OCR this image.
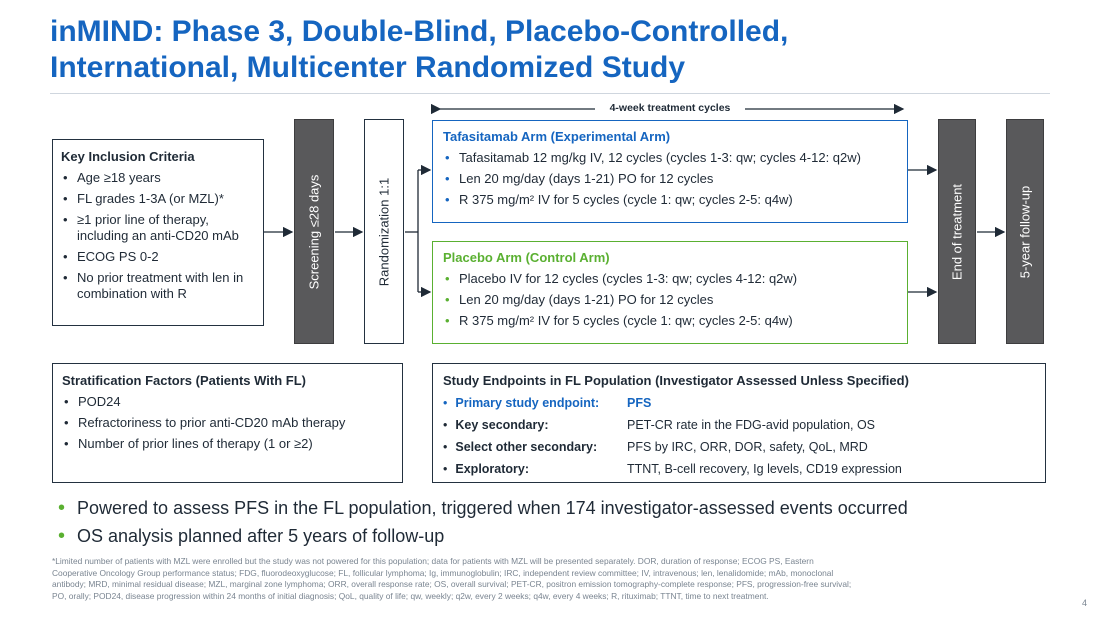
inMIND: Phase 3, Double-Blind, Placebo-Controlled,
International, Multicenter Randomized Study
4-week treatment cycles
Key Inclusion Criteria
• Age ≥18 years
• FL grades 1-3A (or MZL)*
• ≥1 prior line of therapy, including an anti-CD20 mAb
• ECOG PS 0-2
• No prior treatment with len in combination with R
Screening ≤28 days	Randomization 1:1
Tafasitamab Arm (Experimental Arm)
• Tafasitamab 12 mg/kg IV, 12 cycles (cycles 1-3: qw; cycles 4-12: q2w)
• Len 20 mg/day (days 1-21) PO for 12 cycles
• R 375 mg/m² IV for 5 cycles (cycle 1: qw; cycles 2-5: q4w)
Placebo Arm (Control Arm)
• Placebo IV for 12 cycles (cycles 1-3: qw; cycles 4-12: q2w)
• Len 20 mg/day (days 1-21) PO for 12 cycles
• R 375 mg/m² IV for 5 cycles (cycle 1: qw; cycles 2-5: q4w)
End of treatment	5-year follow-up
Stratification Factors (Patients With FL)
• POD24
• Refractoriness to prior anti-CD20 mAb therapy
• Number of prior lines of therapy (1 or ≥2)
Study Endpoints in FL Population (Investigator Assessed Unless Specified)
• Primary study endpoint: PFS
• Key secondary:	PET-CR rate in the FDG-avid population, OS
• Select other secondary: PFS by IRC, ORR, DOR, safety, QoL, MRD
• Exploratory:	TTNT, B-cell recovery, Ig levels, CD19 expression
• Powered to assess PFS in the FL population, triggered when 174 investigator-assessed events occurred
• OS analysis planned after 5 years of follow-up
*Limited number of patients with MZL were enrolled but the study was not powered for this population; data for patients with MZL will be presented separately. DOR, duration of response; ECOG PS, Eastern
Cooperative Oncology Group performance status; FDG, fluorodeoxyglucose; FL, follicular lymphoma; Ig, immunoglobulin; IRC, independent review committee; IV, intravenous; len, lenalidomide; mAb, monoclonal
antibody; MRD, minimal residual disease; MZL, marginal zone lymphoma; ORR, overall response rate; OS, overall survival; PET-CR, positron emission tomography-complete response; PFS, progression-free survival;
PO, orally; POD24, disease progression within 24 months of initial diagnosis; QoL, quality of life; qw, weekly; q2w, every 2 weeks; q4w, every 4 weeks; R, rituximab; TTNT, time to next treatment.
4
